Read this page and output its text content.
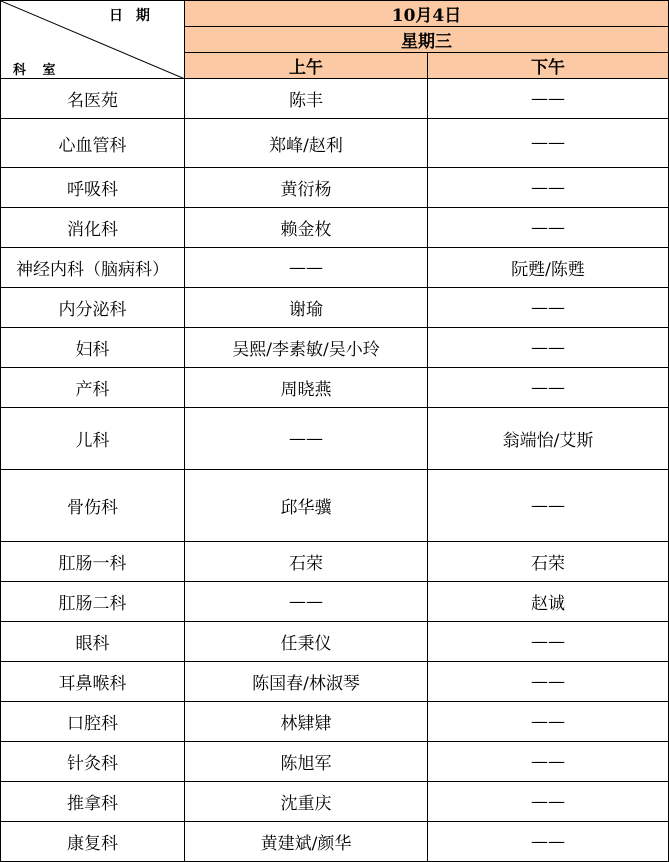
日 期
科 室	10月4日	
	星期三	
	上午	下午
名医苑	陈丰	——
心血管科	郑峰/赵利	——
呼吸科	黄衍杨	——
消化科	赖金枚	——
神经内科（脑病科）	——	阮甦/陈甦
内分泌科	谢瑜	——
妇科	吴熙/李素敏/吴小玲	——
产科	周晓燕	——
儿科	——	翁端怡/艾斯
骨伤科	邱华骥	——
肛肠一科	石荣	石荣
肛肠二科	——	赵诚
眼科	任秉仪	——
耳鼻喉科	陈国春/林淑琴	——
口腔科	林肄肄	——
针灸科	陈旭军	——
推拿科	沈重庆	——
康复科	黄建斌/颜华	——
